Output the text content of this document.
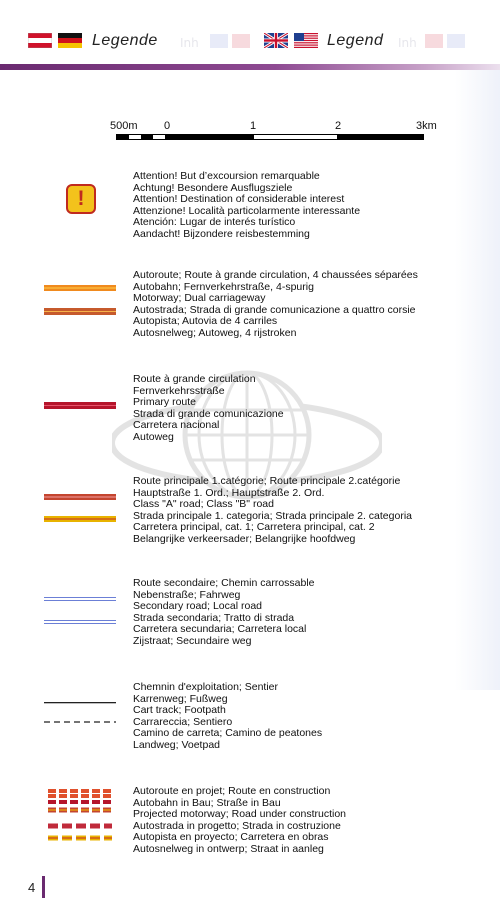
Legende Inh	Legend Inh
500m 0	1	2	3km
!
Attention! But d’excoursion remarquable
Achtung! Besondere Ausflugsziele
Attention! Destination of considerable interest
Attenzione! Località particolarmente interessante
Atención: Lugar de interés turístico
Aandacht! Bijzondere reisbestemming
Autoroute; Route à grande circulation, 4 chaussées séparées
Autobahn; Fernverkehrstraße, 4-spurig
Motorway; Dual carriageway
Autostrada; Strada di grande comunicazione a quattro corsie
Autopista; Autovia de 4 carriles
Autosnelweg; Autoweg, 4 rijstroken
Route à grande circulation
Fernverkehrsstraße
Primary route
Strada di grande comunicazione
Carretera nacional
Autoweg
Route principale 1.catégorie; Route principale 2.catégorie
Hauptstraße 1. Ord.; Hauptstraße 2. Ord.
Class "A" road; Class "B" road
Strada principale 1. categoria; Strada principale 2. categoria
Carretera principal, cat. 1; Carretera principal, cat. 2
Belangrijke verkeersader; Belangrijke hoofdweg
Route secondaire; Chemin carrossable
Nebenstraße; Fahrweg
Secondary road; Local road
Strada secondaria; Tratto di strada
Carretera secundaria; Carretera local
Zijstraat; Secundaire weg
Chemnin d'exploitation; Sentier
Karrenweg; Fußweg
Cart track; Footpath
Carrareccia; Sentiero
Camino de carreta; Camino de peatones
Landweg; Voetpad
Autoroute en projet; Route en construction
Autobahn in Bau; Straße in Bau
Projected motorway; Road under construction
Autostrada in progetto; Strada in costruzione
Autopista en proyecto; Carretera en obras
Autosnelweg in ontwerp; Straat in aanleg
4
